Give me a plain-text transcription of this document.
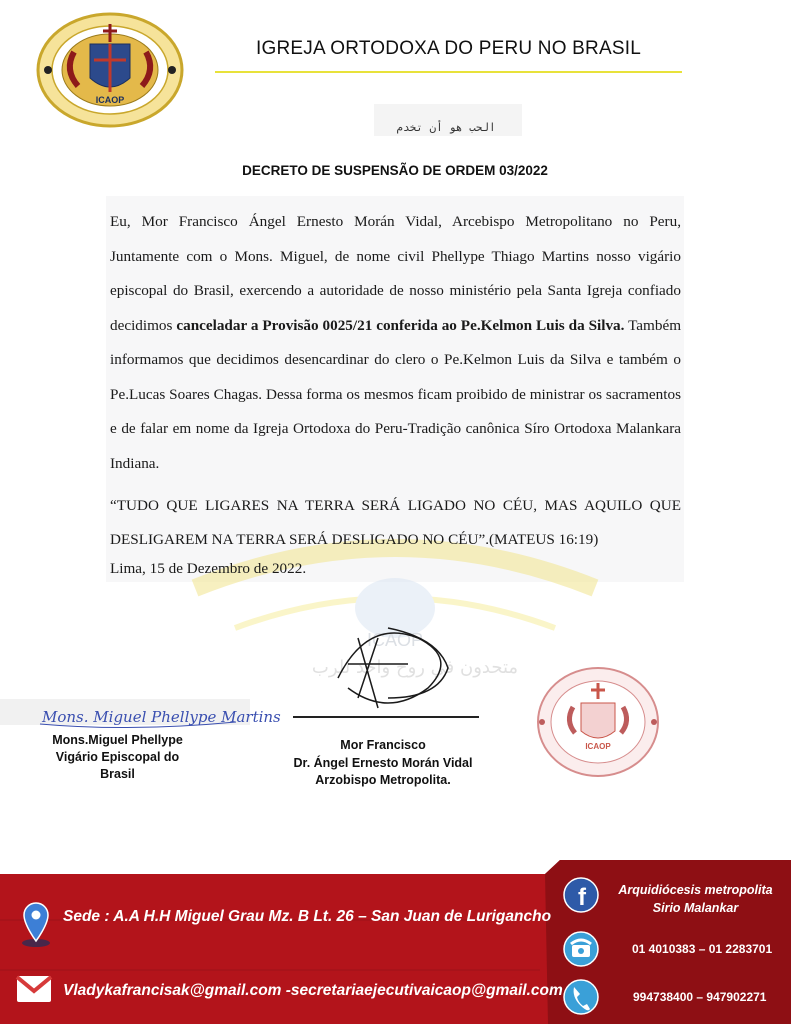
ICAOP
IGREJA ORTODOXA DO PERU NO BRASIL
الحب هو أن تخدم
DECRETO DE SUSPENSÃO DE ORDEM 03/2022
ICAOP
متحدون في روح واحد للرب

Eu, Mor Francisco Ángel Ernesto Morán Vidal, Arcebispo Metropolitano no Peru, Juntamente com o Mons. Miguel, de nome civil Phellype Thiago Martins nosso vigário episcopal do Brasil, exercendo a autoridade de nosso ministério pela Santa Igreja confiado decidimos canceladar a Provisão 0025/21 conferida ao Pe.Kelmon Luis da Silva. Também informamos que decidimos desencardinar do clero o Pe.Kelmon Luis da Silva e também o Pe.Lucas Soares Chagas. Dessa forma os mesmos ficam proibido de ministrar os sacramentos e de falar em nome da Igreja Ortodoxa do Peru-Tradição canônica Síro Ortodoxa Malankara Indiana.

“TUDO QUE LIGARES NA TERRA SERÁ LIGADO NO CÉU, MAS AQUILO QUE DESLIGAREM NA TERRA SERÁ DESLIGADO NO CÉU”.(MATEUS 16:19)
Lima, 15 de Dezembro de 2022.
Mons. Miguel Phellype Martins
Mons.Miguel Phellype
Vigário Episcopal do
Brasil
Mor Francisco
Dr. Ángel Ernesto Morán Vidal
Arzobispo Metropolita.
ICAOP
Sede : A.A H.H Miguel Grau Mz. B Lt. 26 – San Juan de Lurigancho
Vladykafrancisak@gmail.com -secretariaejecutivaicaop@gmail.com
f	Arquidiócesis metropolita
Sirio Malankar
01 4010383 – 01 2283701
994738400 – 947902271
